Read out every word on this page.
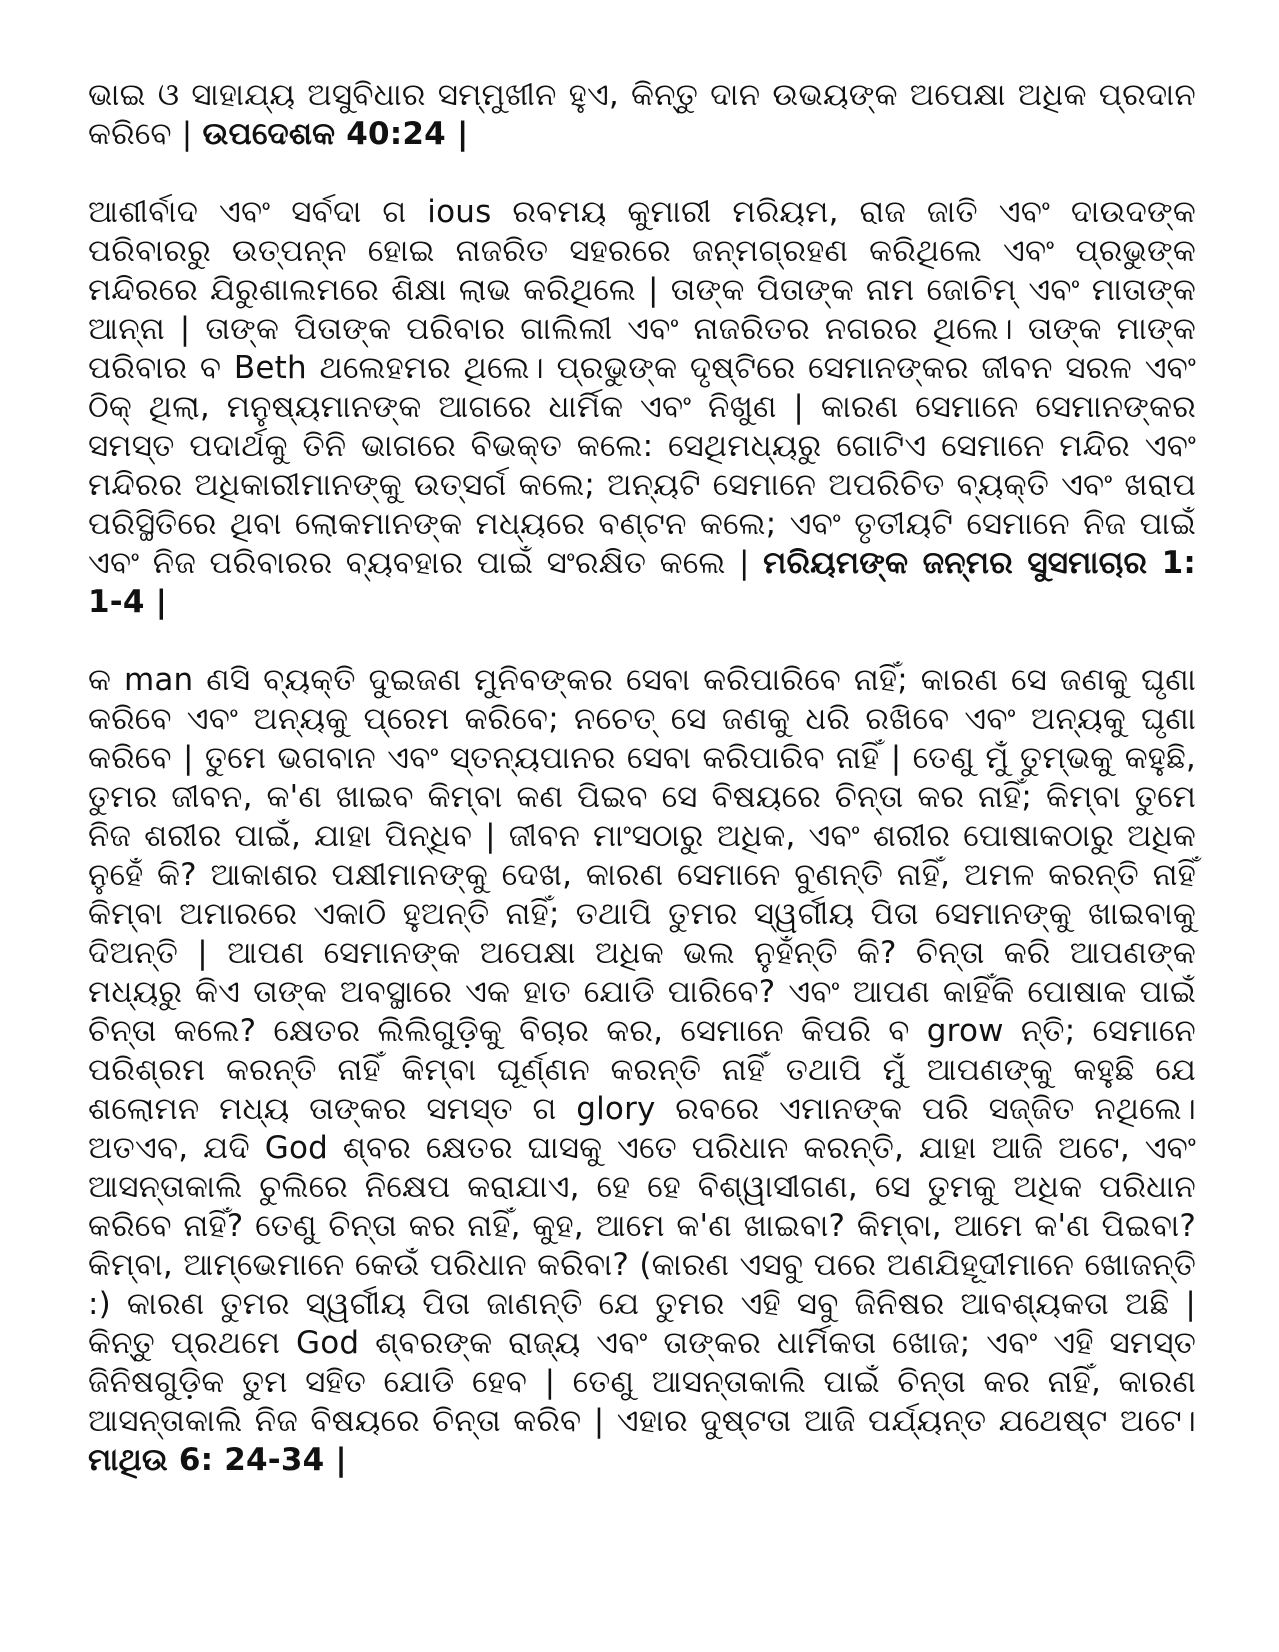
ଭାଇ ଓ ସାହାଯ୍ୟ ଅସୁବିଧାର ସମ୍ମୁଖୀନ ହୁଏ, କିନ୍ତୁ ଦାନ ଉଭୟଙ୍କ ଅପେକ୍ଷା ଅଧିକ ପ୍ରଦାନ କରିବେ | ଉପଦେଶକ 40:24 |

ଆଶୀର୍ବାଦ ଏବଂ ସର୍ବଦା ଗ ious ରବମୟ କୁମାରୀ ମରିୟମ, ରାଜ ଜାତି ଏବଂ ଦାଉଦଙ୍କ ପରିବାରରୁ ଉତ୍ପନ୍ନ ହୋଇ ନାଜରିତ ସହରରେ ଜନ୍ମଗ୍ରହଣ କରିଥିଲେ ଏବଂ ପ୍ରଭୁଙ୍କ ମନ୍ଦିରରେ ଯିରୁଶାଲମରେ ଶିକ୍ଷା ଲାଭ କରିଥିଲେ | ତାଙ୍କ ପିତାଙ୍କ ନାମ ଜୋଚିମ୍ ଏବଂ ମାତାଙ୍କ ଆନ୍ନା | ତାଙ୍କ ପିତାଙ୍କ ପରିବାର ଗାଲିଲୀ ଏବଂ ନାଜରିତର ନଗରର ଥିଲେ। ତାଙ୍କ ମାଙ୍କ ପରିବାର ବ Beth ଥଲେହମର ଥିଲେ। ପ୍ରଭୁଙ୍କ ଦୃଷ୍ଟିରେ ସେମାନଙ୍କର ଜୀବନ ସରଳ ଏବଂ ଠିକ୍ ଥିଲା, ମନୁଷ୍ୟମାନଙ୍କ ଆଗରେ ଧାର୍ମିକ ଏବଂ ନିଖୁଣ | କାରଣ ସେମାନେ ସେମାନଙ୍କର ସମସ୍ତ ପଦାର୍ଥକୁ ତିନି ଭାଗରେ ବିଭକ୍ତ କଲେ: ସେଥିମଧ୍ୟରୁ ଗୋଟିଏ ସେମାନେ ମନ୍ଦିର ଏବଂ ମନ୍ଦିରର ଅଧିକାରୀମାନଙ୍କୁ ଉତ୍ସର୍ଗ କଲେ; ଅନ୍ୟଟି ସେମାନେ ଅପରିଚିତ ବ୍ୟକ୍ତି ଏବଂ ଖରାପ ପରିସ୍ଥିତିରେ ଥିବା ଲୋକମାନଙ୍କ ମଧ୍ୟରେ ବଣ୍ଟନ କଲେ; ଏବଂ ତୃତୀୟଟି ସେମାନେ ନିଜ ପାଇଁ ଏବଂ ନିଜ ପରିବାରର ବ୍ୟବହାର ପାଇଁ ସଂରକ୍ଷିତ କଲେ | ମରିୟମଙ୍କ ଜନ୍ମର ସୁସମାଚାର 1: 1-4 |

କ man ଣସି ବ୍ୟକ୍ତି ଦୁଇଜଣ ମୁନିବଙ୍କର ସେବା କରିପାରିବେ ନାହିଁ; କାରଣ ସେ ଜଣକୁ ଘୃଣା କରିବେ ଏବଂ ଅନ୍ୟକୁ ପ୍ରେମ କରିବେ; ନଚେତ୍ ସେ ଜଣକୁ ଧରି ରଖିବେ ଏବଂ ଅନ୍ୟକୁ ଘୃଣା କରିବେ | ତୁମେ ଭଗବାନ ଏବଂ ସ୍ତନ୍ୟପାନର ସେବା କରିପାରିବ ନାହିଁ | ତେଣୁ ମୁଁ ତୁମ୍ଭକୁ କହୁଛି, ତୁମର ଜୀବନ, କ'ଣ ଖାଇବ କିମ୍ବା କଣ ପିଇବ ସେ ବିଷୟରେ ଚିନ୍ତା କର ନାହିଁ; କିମ୍ବା ତୁମେ ନିଜ ଶରୀର ପାଇଁ, ଯାହା ପିନ୍ଧିବ | ଜୀବନ ମାଂସଠାରୁ ଅଧିକ, ଏବଂ ଶରୀର ପୋଷାକଠାରୁ ଅଧିକ ନୁହେଁ କି? ଆକାଶର ପକ୍ଷୀମାନଙ୍କୁ ଦେଖ, କାରଣ ସେମାନେ ବୁଣନ୍ତି ନାହିଁ, ଅମଳ କରନ୍ତି ନାହିଁ କିମ୍ବା ଅମାରରେ ଏକାଠି ହୁଅନ୍ତି ନାହିଁ; ତଥାପି ତୁମର ସ୍ୱର୍ଗୀୟ ପିତା ସେମାନଙ୍କୁ ଖାଇବାକୁ ଦିଅନ୍ତି | ଆପଣ ସେମାନଙ୍କ ଅପେକ୍ଷା ଅଧିକ ଭଲ ନୁହଁନ୍ତି କି? ଚିନ୍ତା କରି ଆପଣଙ୍କ ମଧ୍ୟରୁ କିଏ ତାଙ୍କ ଅବସ୍ଥାରେ ଏକ ହାତ ଯୋଡି ପାରିବେ? ଏବଂ ଆପଣ କାହିଁକି ପୋଷାକ ପାଇଁ ଚିନ୍ତା କଲେ? କ୍ଷେତର ଲିଲିଗୁଡ଼ିକୁ ବିଚାର କର, ସେମାନେ କିପରି ବ grow ନ୍ତି; ସେମାନେ ପରିଶ୍ରମ କରନ୍ତି ନାହିଁ କିମ୍ବା ଘୂର୍ଣ୍ଣନ କରନ୍ତି ନାହିଁ ତଥାପି ମୁଁ ଆପଣଙ୍କୁ କହୁଛି ଯେ ଶଲୋମନ ମଧ୍ୟ ତାଙ୍କର ସମସ୍ତ ଗ glory ରବରେ ଏମାନଙ୍କ ପରି ସଜ୍ଜିତ ନଥିଲେ। ଅତଏବ, ଯଦି God ଶ୍ବର କ୍ଷେତର ଘାସକୁ ଏତେ ପରିଧାନ କରନ୍ତି, ଯାହା ଆଜି ଅଟେ, ଏବଂ ଆସନ୍ତାକାଲି ଚୁଲିରେ ନିକ୍ଷେପ କରାଯାଏ, ହେ ହେ ବିଶ୍ୱାସୀଗଣ, ସେ ତୁମକୁ ଅଧିକ ପରିଧାନ କରିବେ ନାହିଁ? ତେଣୁ ଚିନ୍ତା କର ନାହିଁ, କୁହ, ଆମେ କ'ଣ ଖାଇବା? କିମ୍ବା, ଆମେ କ'ଣ ପିଇବା? କିମ୍ବା, ଆମ୍ଭେମାନେ କେଉଁ ପରିଧାନ କରିବା? (କାରଣ ଏସବୁ ପରେ ଅଣଯିହୂଦୀମାନେ ଖୋଜନ୍ତି :) କାରଣ ତୁମର ସ୍ୱର୍ଗୀୟ ପିତା ଜାଣନ୍ତି ଯେ ତୁମର ଏହି ସବୁ ଜିନିଷର ଆବଶ୍ୟକତା ଅଛି | କିନ୍ତୁ ପ୍ରଥମେ God ଶ୍ବରଙ୍କ ରାଜ୍ୟ ଏବଂ ତାଙ୍କର ଧାର୍ମିକତା ଖୋଜ; ଏବଂ ଏହି ସମସ୍ତ ଜିନିଷଗୁଡ଼ିକ ତୁମ ସହିତ ଯୋଡି ହେବ | ତେଣୁ ଆସନ୍ତାକାଲି ପାଇଁ ଚିନ୍ତା କର ନାହିଁ, କାରଣ ଆସନ୍ତାକାଲି ନିଜ ବିଷୟରେ ଚିନ୍ତା କରିବ | ଏହାର ଦୁଷ୍ଟତା ଆଜି ପର୍ଯ୍ୟନ୍ତ ଯଥେଷ୍ଟ ଅଟେ। ମାଥିଉ 6: 24-34 |
